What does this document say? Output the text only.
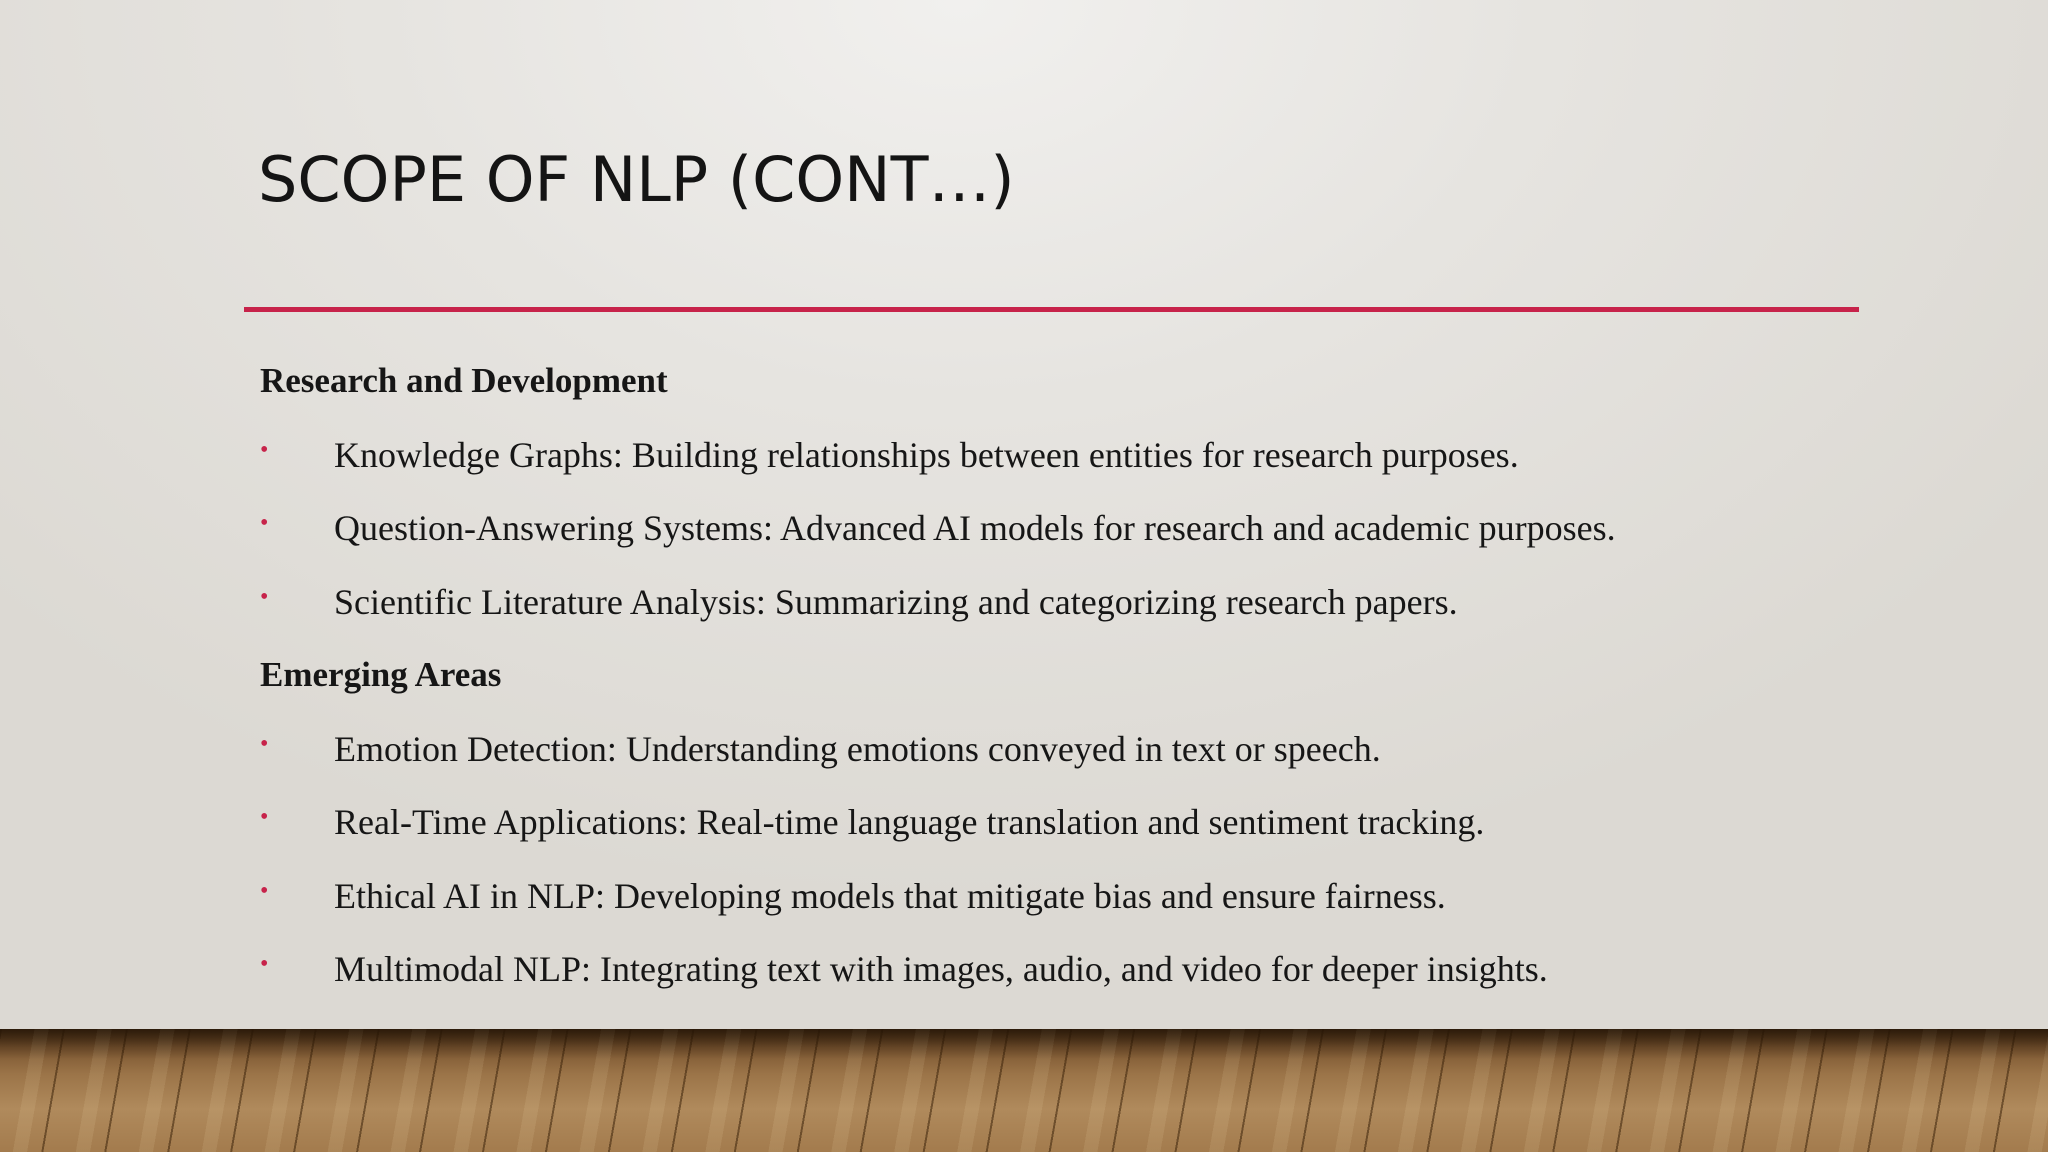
SCOPE OF NLP (CONT…)
Research and Development
•	Knowledge Graphs: Building relationships between entities for research purposes.
•	Question-Answering Systems: Advanced AI models for research and academic purposes.
•	Scientific Literature Analysis: Summarizing and categorizing research papers.
Emerging Areas
•	Emotion Detection: Understanding emotions conveyed in text or speech.
•	Real-Time Applications: Real-time language translation and sentiment tracking.
•	Ethical AI in NLP: Developing models that mitigate bias and ensure fairness.
•	Multimodal NLP: Integrating text with images, audio, and video for deeper insights.
